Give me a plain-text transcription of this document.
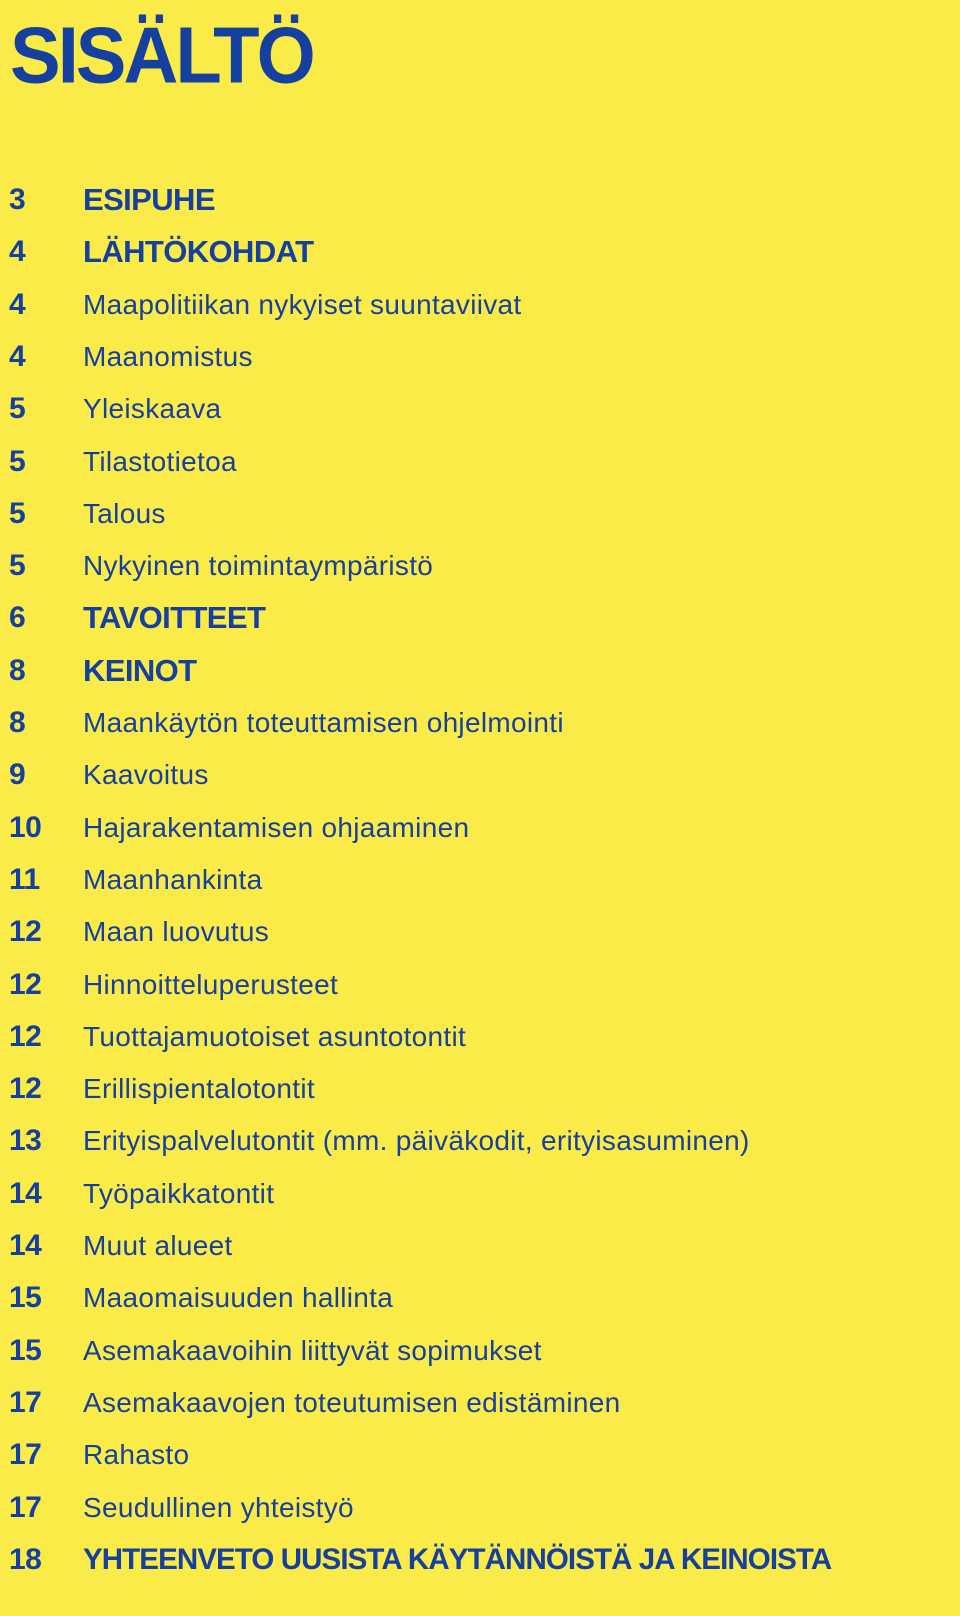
SISÄLTÖ
3	ESIPUHE
4	LÄHTÖKOHDAT
4	Maapolitiikan nykyiset suuntaviivat
4	Maanomistus
5	Yleiskaava
5	Tilastotietoa
5	Talous
5	Nykyinen toimintaympäristö
6	TAVOITTEET
8	KEINOT
8	Maankäytön toteuttamisen ohjelmointi
9	Kaavoitus
10	Hajarakentamisen ohjaaminen
11	Maanhankinta
12	Maan luovutus
12	Hinnoitteluperusteet
12	Tuottajamuotoiset asuntotontit
12	Erillispientalotontit
13	Erityispalvelutontit (mm. päiväkodit, erityisasuminen)
14	Työpaikkatontit
14	Muut alueet
15	Maaomaisuuden hallinta
15	Asemakaavoihin liittyvät sopimukset
17	Asemakaavojen toteutumisen edistäminen
17	Rahasto
17	Seudullinen yhteistyö
18	YHTEENVETO UUSISTA KÄYTÄNNÖISTÄ JA KEINOISTA
